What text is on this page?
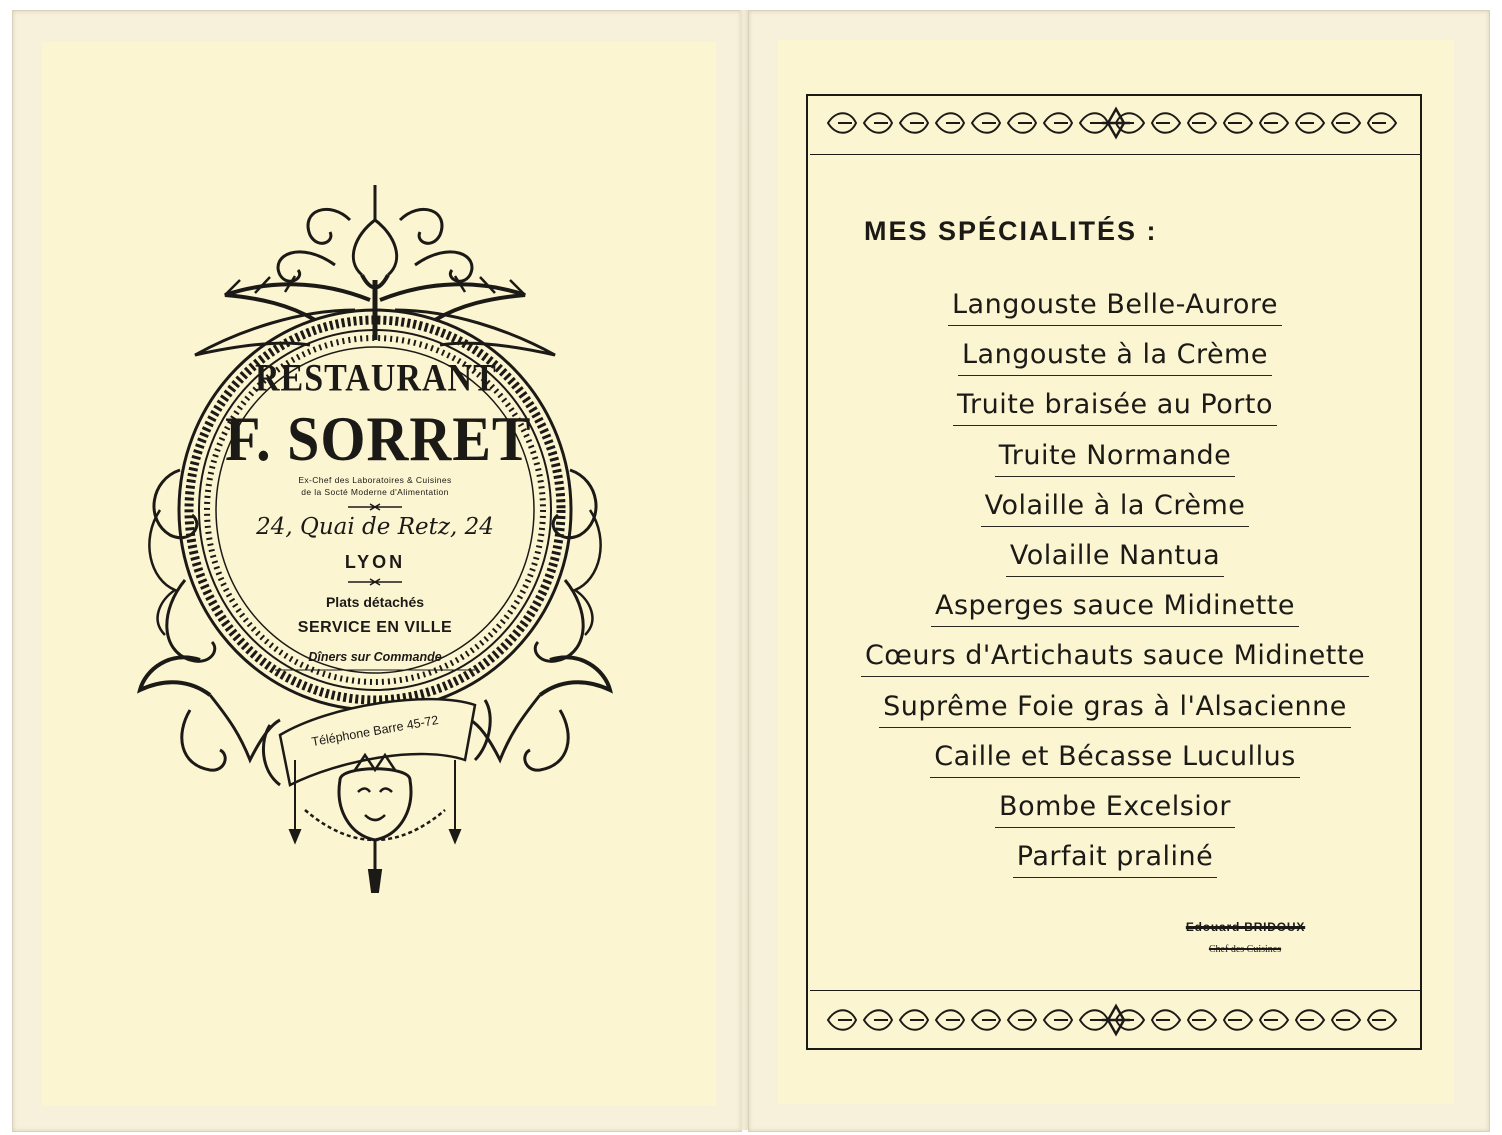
RESTAURANT
F. SORRET
Ex-Chef des Laboratoires & Cuisines
de la Socté Moderne d'Alimentation
24, Quai de Retz, 24
LYON
Plats détachés
SERVICE EN VILLE
Dîners sur Commande
Téléphone Barre 45-72
MES SPÉCIALITÉS :
Langouste Belle-Aurore
Langouste à la Crème
Truite braisée au Porto
Truite Normande
Volaille à la Crème
Volaille Nantua
Asperges sauce Midinette
Cœurs d'Artichauts sauce Midinette
Suprême Foie gras à l'Alsacienne
Caille et Bécasse Lucullus
Bombe Excelsior
Parfait praliné
Edouard BRIDOUX
Chef des Cuisines
